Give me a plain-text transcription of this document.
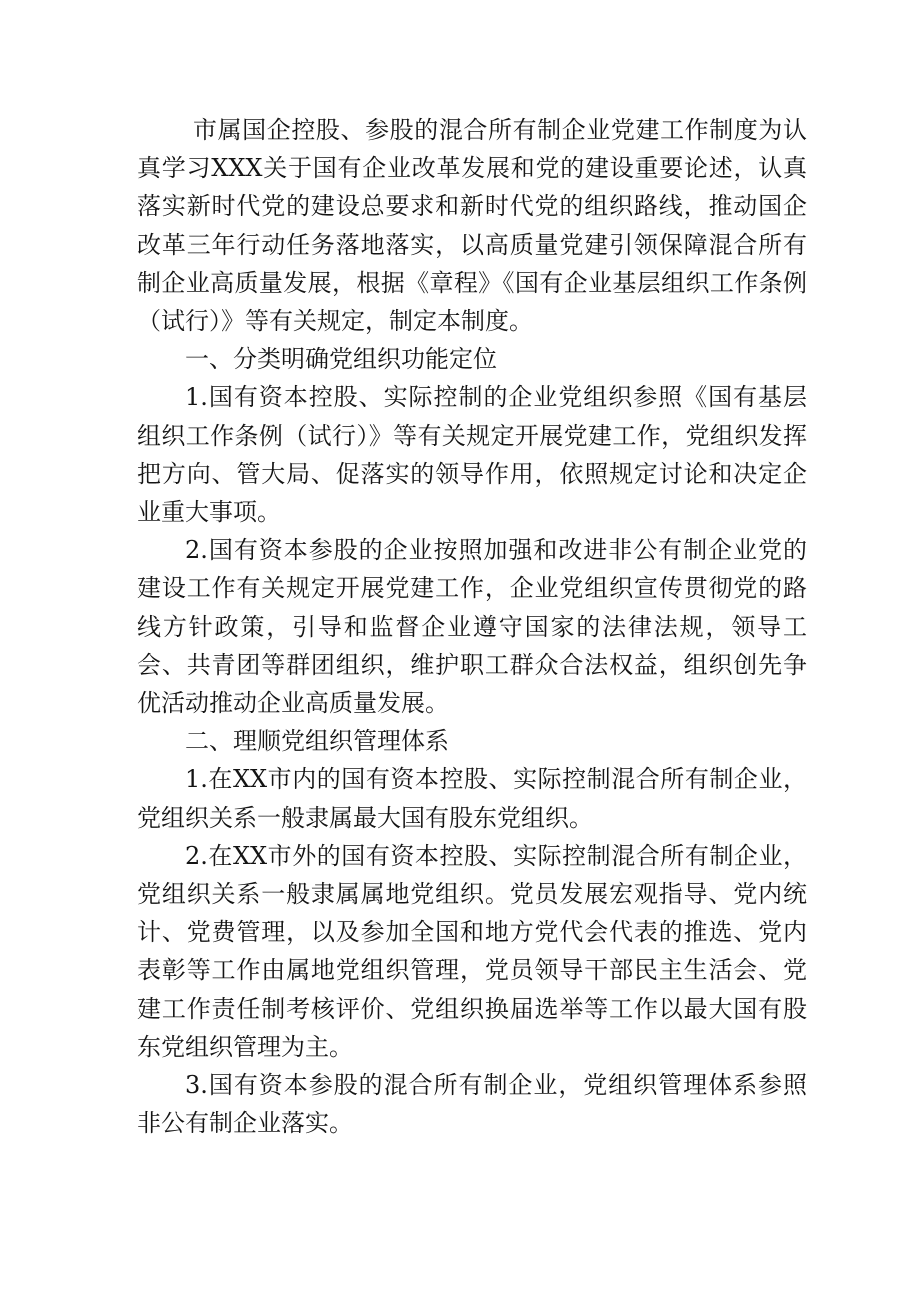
市属国企控股、参股的混合所有制企业党建工作制度为认真学习XXX关于国有企业改革发展和党的建设重要论述，认真落实新时代党的建设总要求和新时代党的组织路线，推动国企改革三年行动任务落地落实，以高质量党建引领保障混合所有制企业高质量发展，根据《章程》《国有企业基层组织工作条例（试行）》等有关规定，制定本制度。

一、分类明确党组织功能定位

1.国有资本控股、实际控制的企业党组织参照《国有基层组织工作条例（试行）》等有关规定开展党建工作，党组织发挥把方向、管大局、促落实的领导作用，依照规定讨论和决定企业重大事项。

2.国有资本参股的企业按照加强和改进非公有制企业党的建设工作有关规定开展党建工作，企业党组织宣传贯彻党的路线方针政策，引导和监督企业遵守国家的法律法规，领导工会、共青团等群团组织，维护职工群众合法权益，组织创先争优活动推动企业高质量发展。

二、理顺党组织管理体系

1.在XX市内的国有资本控股、实际控制混合所有制企业，党组织关系一般隶属最大国有股东党组织。

2.在XX市外的国有资本控股、实际控制混合所有制企业，党组织关系一般隶属属地党组织。党员发展宏观指导、党内统计、党费管理，以及参加全国和地方党代会代表的推选、党内表彰等工作由属地党组织管理，党员领导干部民主生活会、党建工作责任制考核评价、党组织换届选举等工作以最大国有股东党组织管理为主。

3.国有资本参股的混合所有制企业，党组织管理体系参照非公有制企业落实。
